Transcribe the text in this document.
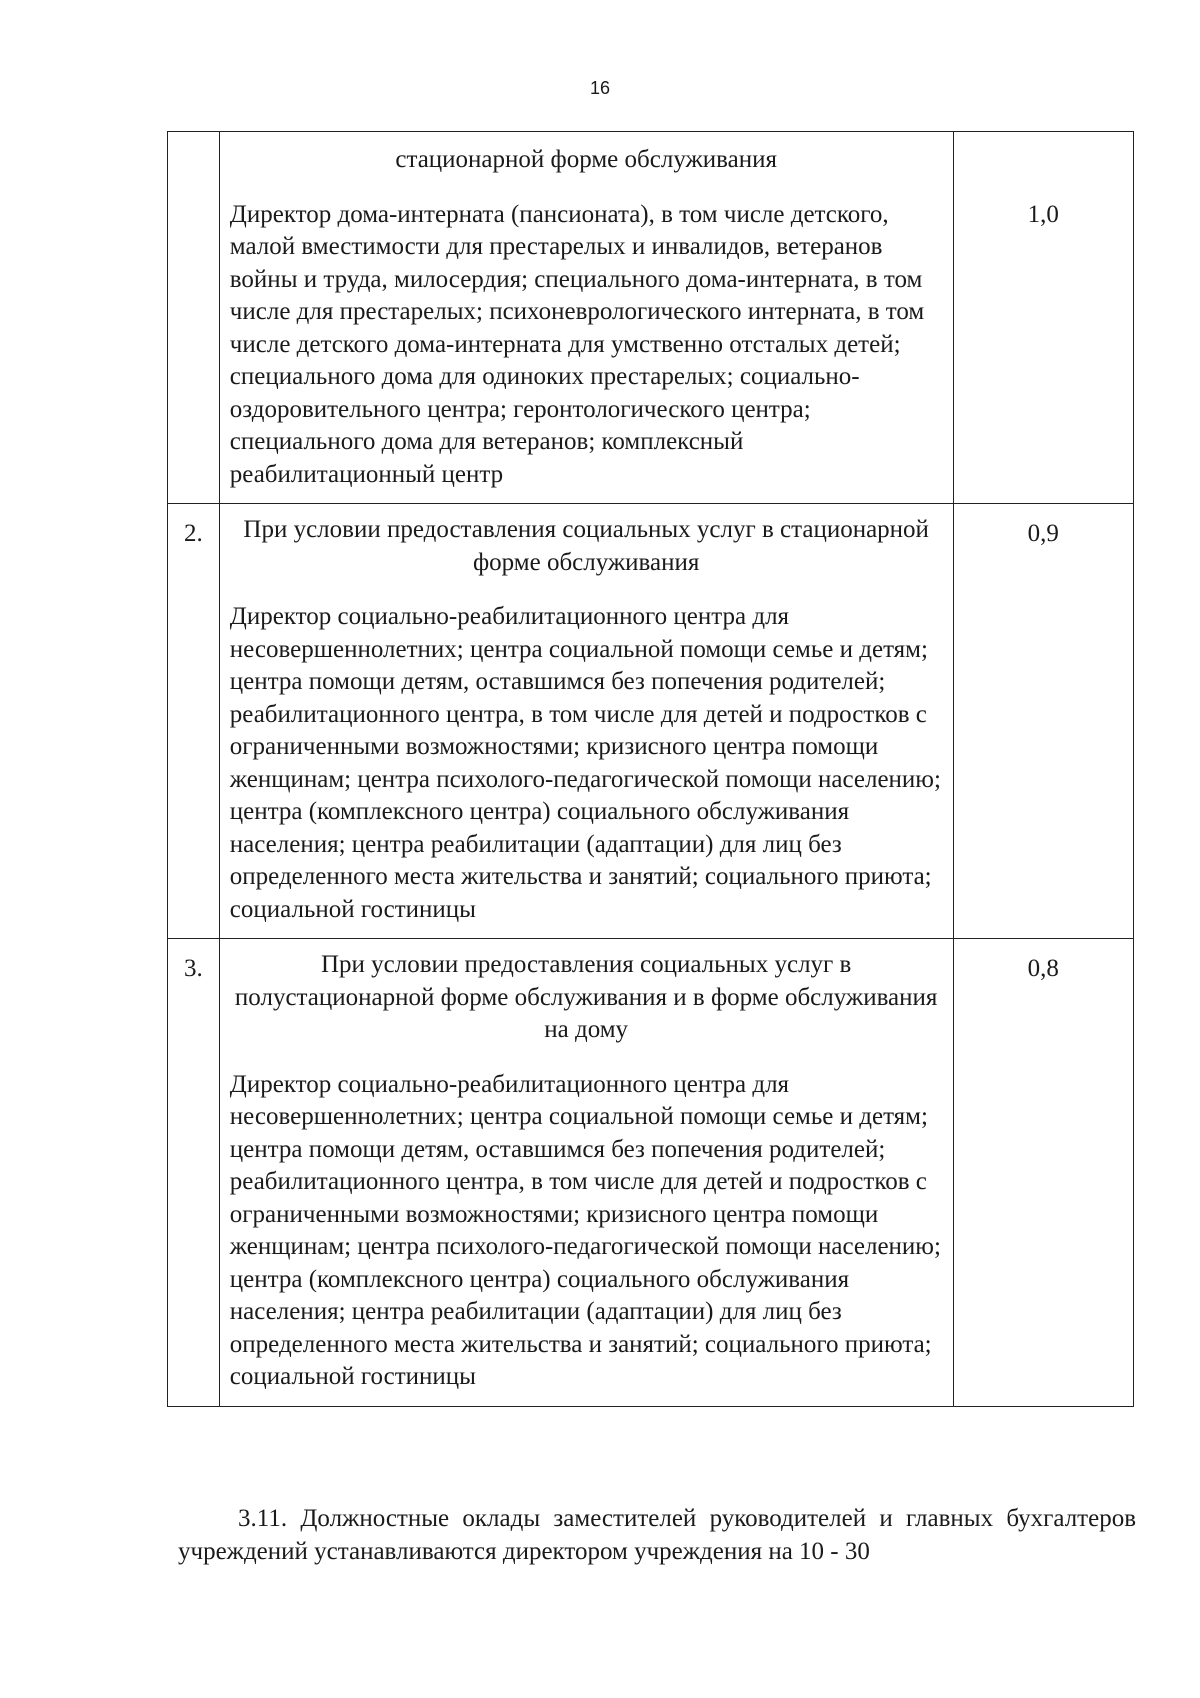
16

	стационарной форме обслуживания

Директор дома-интерната (пансионата), в том числе детского, малой вместимости для престарелых и инвалидов, ветеранов войны и труда, милосердия; специального дома-интерната, в том числе для престарелых; психоневрологического интерната, в том числе детского дома-интерната для умственно отсталых детей; специального дома для одиноких престарелых; социально-оздоровительного центра; геронтологического центра; специального дома для ветеранов; комплексный реабилитационный центр	1,0
2.	При условии предоставления социальных услуг в стационарной форме обслуживания

Директор социально-реабилитационного центра для несовершеннолетних; центра социальной помощи семье и детям; центра помощи детям, оставшимся без попечения родителей; реабилитационного центра, в том числе для детей и подростков с ограниченными возможностями; кризисного центра помощи женщинам; центра психолого-педагогической помощи населению; центра (комплексного центра) социального обслуживания населения; центра реабилитации (адаптации) для лиц без определенного места жительства и занятий; социального приюта; социальной гостиницы	0,9
3.	При условии предоставления социальных услуг в полустационарной форме обслуживания и в форме обслуживания на дому

Директор социально-реабилитационного центра для несовершеннолетних; центра социальной помощи семье и детям; центра помощи детям, оставшимся без попечения родителей; реабилитационного центра, в том числе для детей и подростков с ограниченными возможностями; кризисного центра помощи женщинам; центра психолого-педагогической помощи населению; центра (комплексного центра) социального обслуживания населения; центра реабилитации (адаптации) для лиц без определенного места жительства и занятий; социального приюта; социальной гостиницы	0,8

3.11. Должностные оклады заместителей руководителей и главных бухгалтеров учреждений устанавливаются директором учреждения на 10 - 30
